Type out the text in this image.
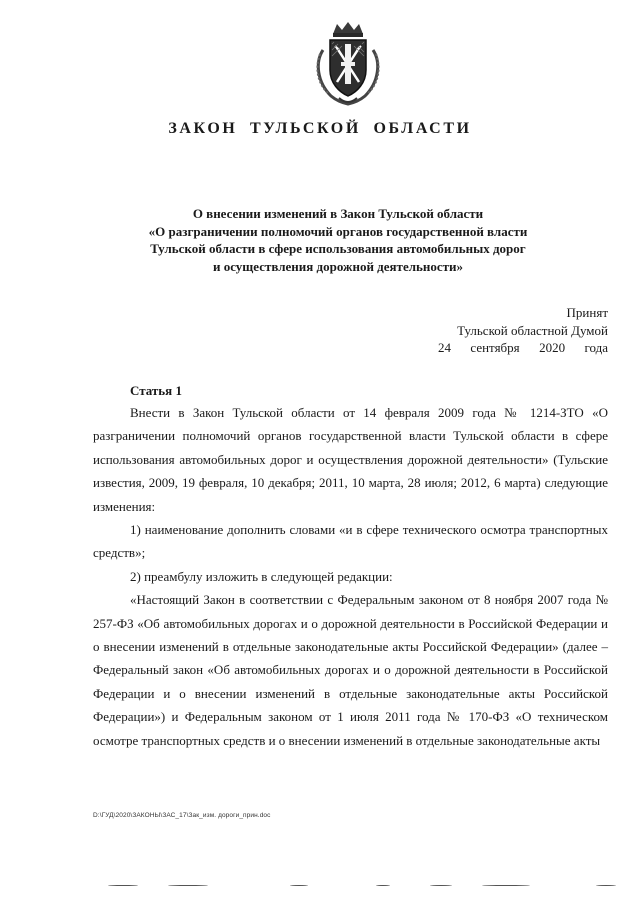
ЗАКОН ТУЛЬСКОЙ ОБЛАСТИ
О внесении изменений в Закон Тульской области
«О разграничении полномочий органов государственной власти
Тульской области в сфере использования автомобильных дорог
и осуществления дорожной деятельности»
Принят
Тульской областной Думой
24 сентября 2020 года
Статья 1

Внести в Закон Тульской области от 14 февраля 2009 года № 1214-ЗТО «О разграничении полномочий органов государственной власти Тульской области в сфере использования автомобильных дорог и осуществления дорожной деятельности» (Тульские известия, 2009, 19 февраля, 10 декабря; 2011, 10 марта, 28 июля; 2012, 6 марта) следующие изменения:

1) наименование дополнить словами «и в сфере технического осмотра транспортных средств»;

2) преамбулу изложить в следующей редакции:

«Настоящий Закон в соответствии с Федеральным законом от 8 ноября 2007 года № 257-ФЗ «Об автомобильных дорогах и о дорожной деятельности в Российской Федерации и о внесении изменений в отдельные законодательные акты Российской Федерации» (далее – Федеральный закон «Об автомобильных дорогах и о дорожной деятельности в Российской Федерации и о внесении изменений в отдельные законодательные акты Российской Федерации») и Федеральным законом от 1 июля 2011 года № 170-ФЗ «О техническом осмотре транспортных средств и о внесении изменений в отдельные законодательные акты

D:\ГУД\2020\ЗАКОНЫ\ЗАС_17\Зак_изм. дороги_прин.doc
